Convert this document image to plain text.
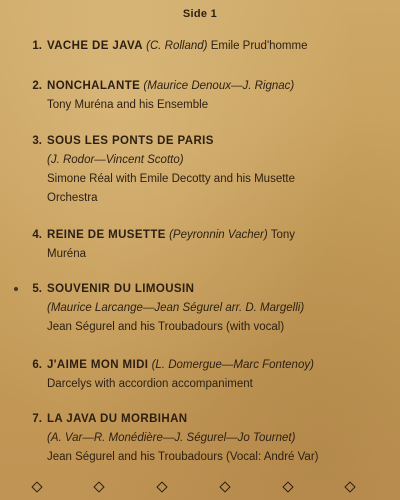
Side 1
1. VACHE DE JAVA (C. Rolland) Emile Prud'homme
2. NONCHALANTE (Maurice Denoux—J. Rignac)
Tony Muréna and his Ensemble
3. SOUS LES PONTS DE PARIS
(J. Rodor—Vincent Scotto)
Simone Réal with Emile Decotty and his Musette
Orchestra
4. REINE DE MUSETTE (Peyronnin Vacher) Tony
Muréna
5. SOUVENIR DU LIMOUSIN
(Maurice Larcange—Jean Ségurel arr. D. Margelli)
Jean Ségurel and his Troubadours (with vocal)
6. J'AIME MON MIDI (L. Domergue—Marc Fontenoy)
Darcelys with accordion accompaniment
7. LA JAVA DU MORBIHAN
(A. Var—R. Monédière—J. Ségurel—Jo Tournet)
Jean Ségurel and his Troubadours (Vocal: André Var)
